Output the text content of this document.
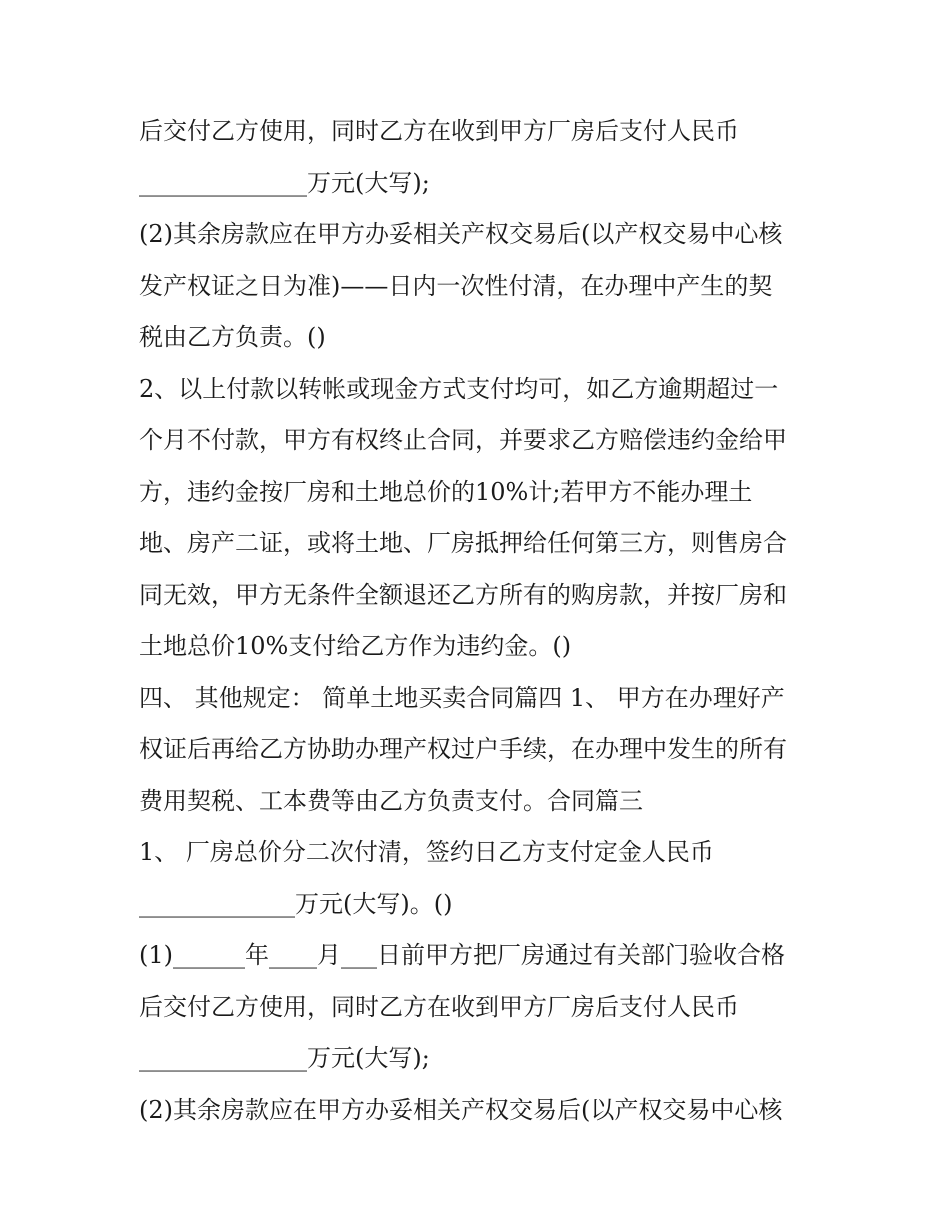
后交付乙方使用，同时乙方在收到甲方厂房后支付人民币

______________万元(大写);

(2)其余房款应在甲方办妥相关产权交易后(以产权交易中心核

发产权证之日为准)——日内一次性付清，在办理中产生的契

税由乙方负责。()

2、以上付款以转帐或现金方式支付均可，如乙方逾期超过一

个月不付款，甲方有权终止合同，并要求乙方赔偿违约金给甲

方，违约金按厂房和土地总价的10%计;若甲方不能办理土

地、房产二证，或将土地、厂房抵押给任何第三方，则售房合

同无效，甲方无条件全额退还乙方所有的购房款，并按厂房和

土地总价10%支付给乙方作为违约金。()

四、 其他规定： 简单土地买卖合同篇四 1、 甲方在办理好产

权证后再给乙方协助办理产权过户手续，在办理中发生的所有

费用契税、工本费等由乙方负责支付。合同篇三

1、 厂房总价分二次付清，签约日乙方支付定金人民币

_____________万元(大写)。()

(1)______年____月___日前甲方把厂房通过有关部门验收合格

后交付乙方使用，同时乙方在收到甲方厂房后支付人民币

______________万元(大写);

(2)其余房款应在甲方办妥相关产权交易后(以产权交易中心核
